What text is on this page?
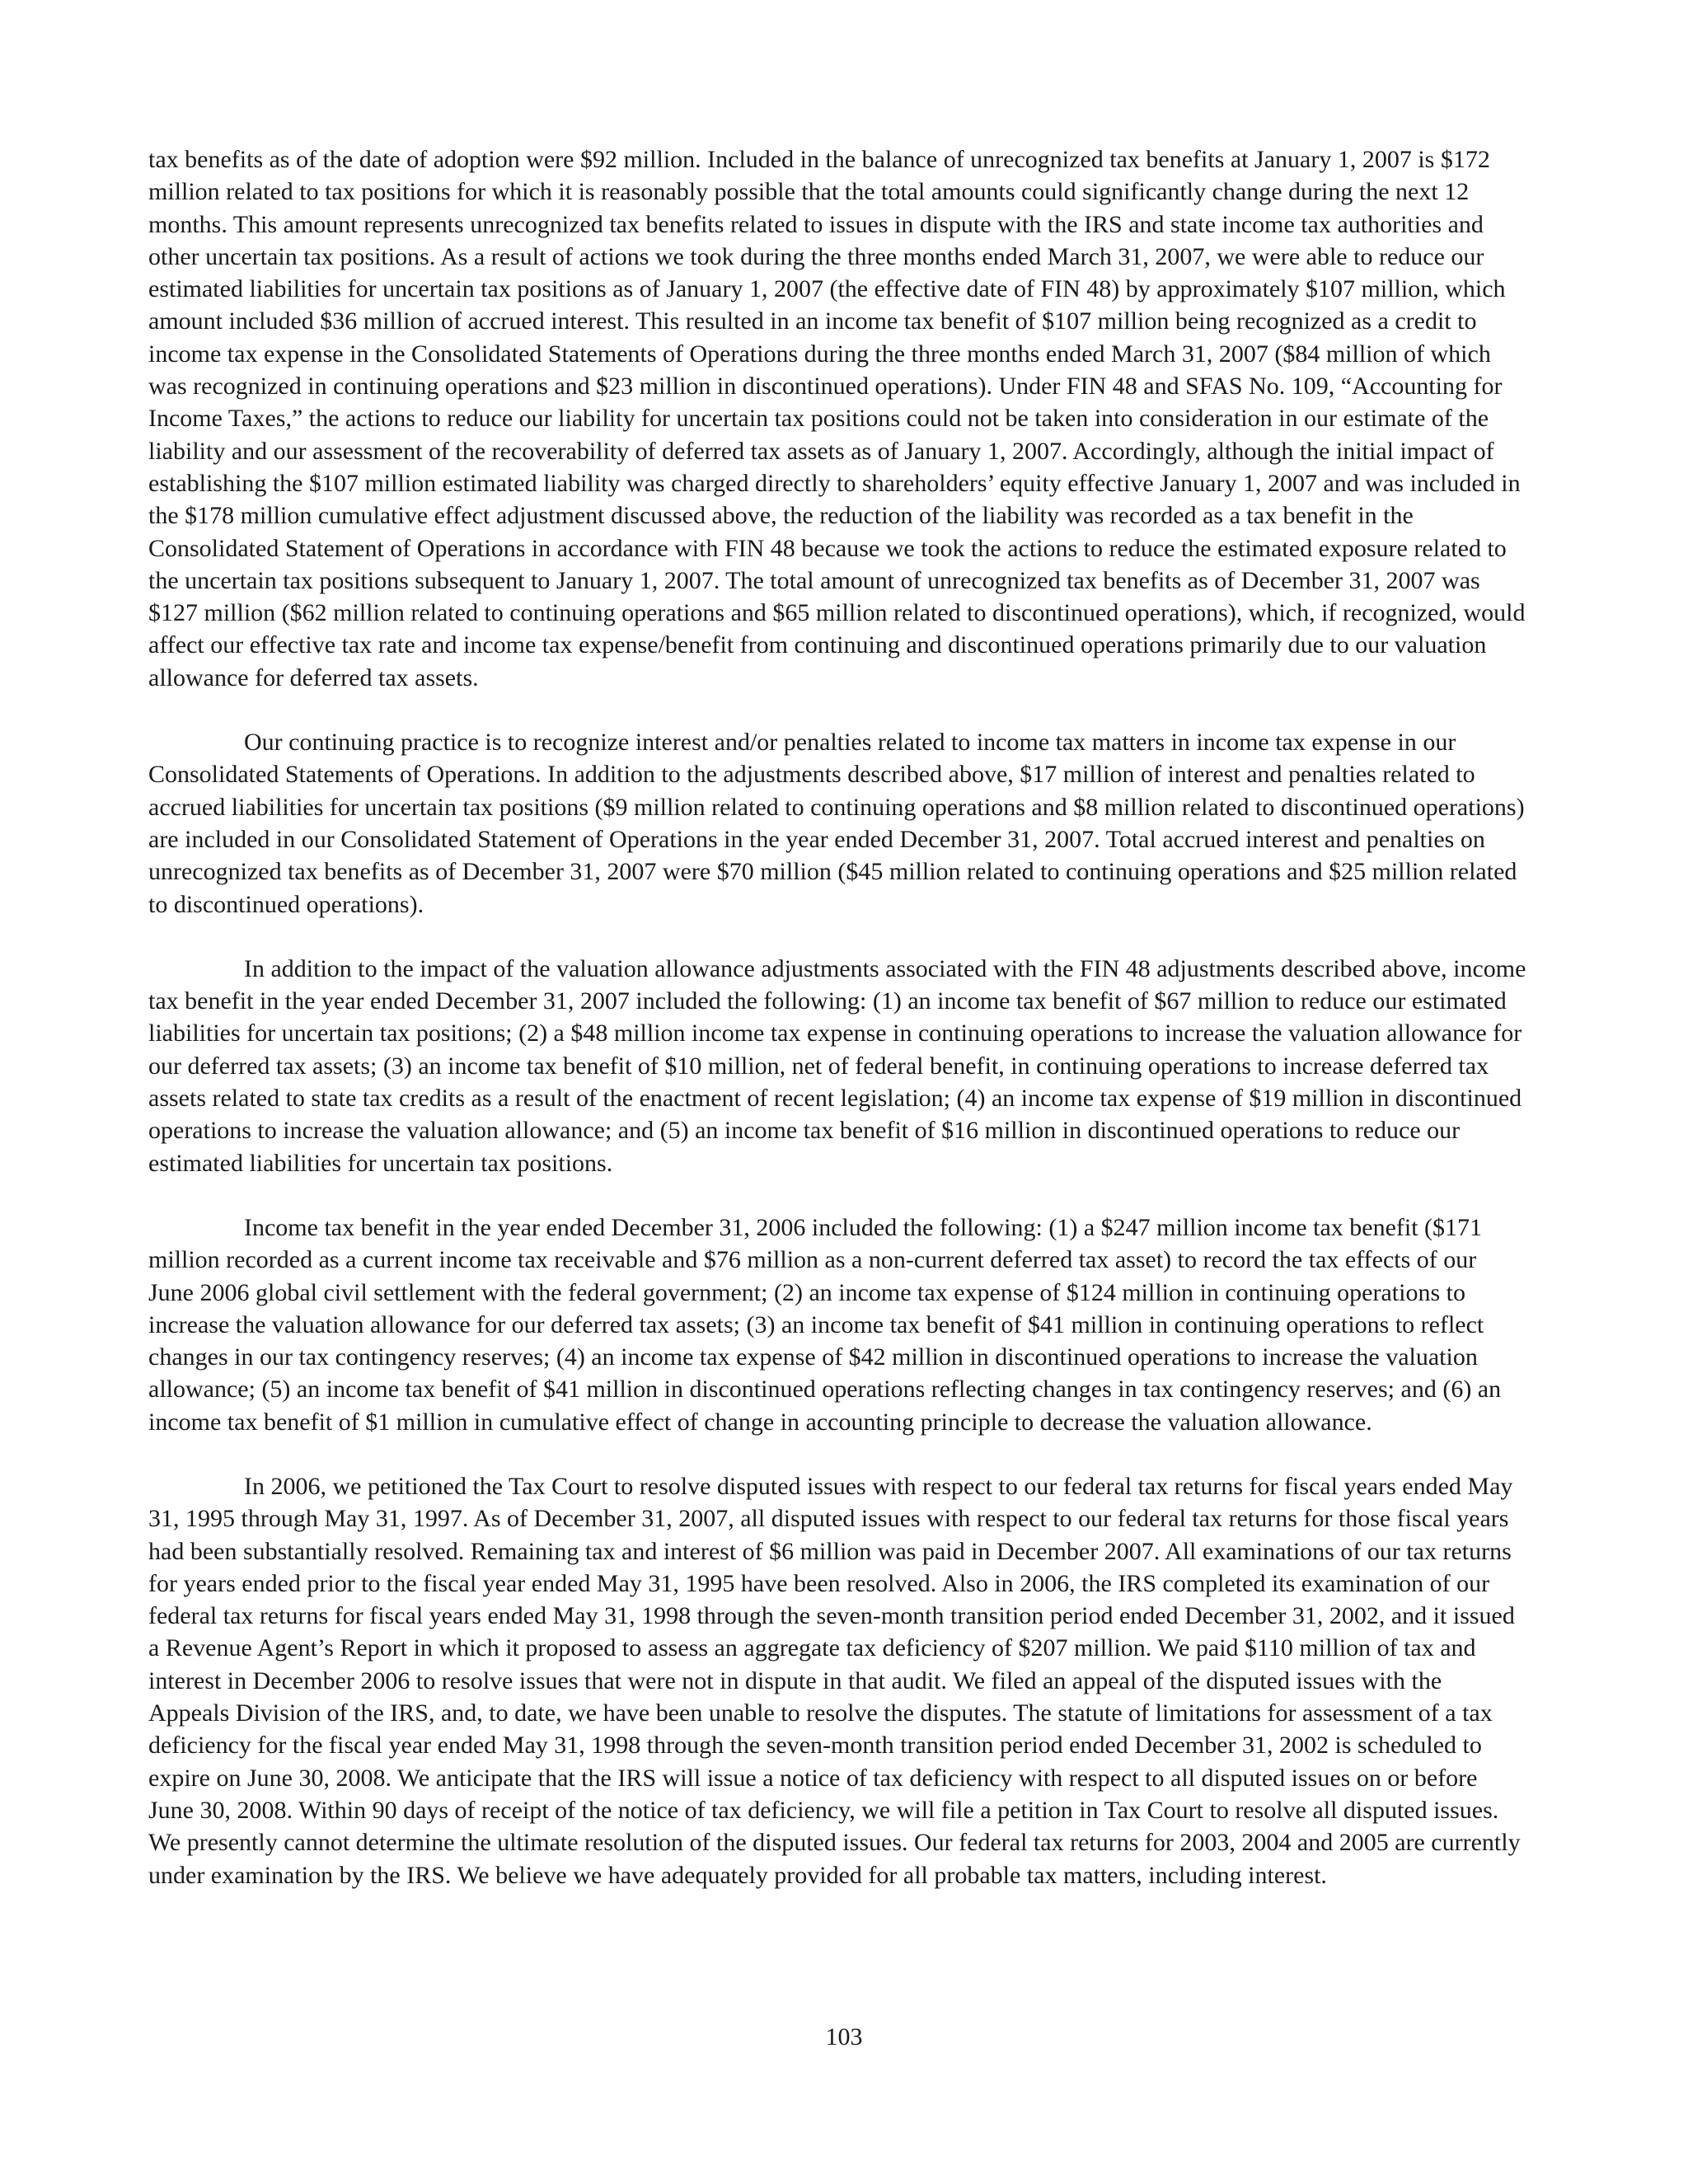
tax benefits as of the date of adoption were $92 million. Included in the balance of unrecognized tax benefits at January 1, 2007 is $172 million related to tax positions for which it is reasonably possible that the total amounts could significantly change during the next 12 months. This amount represents unrecognized tax benefits related to issues in dispute with the IRS and state income tax authorities and other uncertain tax positions. As a result of actions we took during the three months ended March 31, 2007, we were able to reduce our estimated liabilities for uncertain tax positions as of January 1, 2007 (the effective date of FIN 48) by approximately $107 million, which amount included $36 million of accrued interest. This resulted in an income tax benefit of $107 million being recognized as a credit to income tax expense in the Consolidated Statements of Operations during the three months ended March 31, 2007 ($84 million of which was recognized in continuing operations and $23 million in discontinued operations). Under FIN 48 and SFAS No. 109, “Accounting for Income Taxes,” the actions to reduce our liability for uncertain tax positions could not be taken into consideration in our estimate of the liability and our assessment of the recoverability of deferred tax assets as of January 1, 2007. Accordingly, although the initial impact of establishing the $107 million estimated liability was charged directly to shareholders’ equity effective January 1, 2007 and was included in the $178 million cumulative effect adjustment discussed above, the reduction of the liability was recorded as a tax benefit in the Consolidated Statement of Operations in accordance with FIN 48 because we took the actions to reduce the estimated exposure related to the uncertain tax positions subsequent to January 1, 2007. The total amount of unrecognized tax benefits as of December 31, 2007 was $127 million ($62 million related to continuing operations and $65 million related to discontinued operations), which, if recognized, would affect our effective tax rate and income tax expense/benefit from continuing and discontinued operations primarily due to our valuation allowance for deferred tax assets.

Our continuing practice is to recognize interest and/or penalties related to income tax matters in income tax expense in our Consolidated Statements of Operations. In addition to the adjustments described above, $17 million of interest and penalties related to accrued liabilities for uncertain tax positions ($9 million related to continuing operations and $8 million related to discontinued operations) are included in our Consolidated Statement of Operations in the year ended December 31, 2007. Total accrued interest and penalties on unrecognized tax benefits as of December 31, 2007 were $70 million ($45 million related to continuing operations and $25 million related to discontinued operations).

In addition to the impact of the valuation allowance adjustments associated with the FIN 48 adjustments described above, income tax benefit in the year ended December 31, 2007 included the following: (1) an income tax benefit of $67 million to reduce our estimated liabilities for uncertain tax positions; (2) a $48 million income tax expense in continuing operations to increase the valuation allowance for our deferred tax assets; (3) an income tax benefit of $10 million, net of federal benefit, in continuing operations to increase deferred tax assets related to state tax credits as a result of the enactment of recent legislation; (4) an income tax expense of $19 million in discontinued operations to increase the valuation allowance; and (5) an income tax benefit of $16 million in discontinued operations to reduce our estimated liabilities for uncertain tax positions.

Income tax benefit in the year ended December 31, 2006 included the following: (1) a $247 million income tax benefit ($171 million recorded as a current income tax receivable and $76 million as a non-current deferred tax asset) to record the tax effects of our June 2006 global civil settlement with the federal government; (2) an income tax expense of $124 million in continuing operations to increase the valuation allowance for our deferred tax assets; (3) an income tax benefit of $41 million in continuing operations to reflect changes in our tax contingency reserves; (4) an income tax expense of $42 million in discontinued operations to increase the valuation allowance; (5) an income tax benefit of $41 million in discontinued operations reflecting changes in tax contingency reserves; and (6) an income tax benefit of $1 million in cumulative effect of change in accounting principle to decrease the valuation allowance.

In 2006, we petitioned the Tax Court to resolve disputed issues with respect to our federal tax returns for fiscal years ended May 31, 1995 through May 31, 1997. As of December 31, 2007, all disputed issues with respect to our federal tax returns for those fiscal years had been substantially resolved. Remaining tax and interest of $6 million was paid in December 2007. All examinations of our tax returns for years ended prior to the fiscal year ended May 31, 1995 have been resolved. Also in 2006, the IRS completed its examination of our federal tax returns for fiscal years ended May 31, 1998 through the seven-month transition period ended December 31, 2002, and it issued a Revenue Agent’s Report in which it proposed to assess an aggregate tax deficiency of $207 million. We paid $110 million of tax and interest in December 2006 to resolve issues that were not in dispute in that audit. We filed an appeal of the disputed issues with the Appeals Division of the IRS, and, to date, we have been unable to resolve the disputes. The statute of limitations for assessment of a tax deficiency for the fiscal year ended May 31, 1998 through the seven-month transition period ended December 31, 2002 is scheduled to expire on June 30, 2008. We anticipate that the IRS will issue a notice of tax deficiency with respect to all disputed issues on or before June 30, 2008. Within 90 days of receipt of the notice of tax deficiency, we will file a petition in Tax Court to resolve all disputed issues. We presently cannot determine the ultimate resolution of the disputed issues. Our federal tax returns for 2003, 2004 and 2005 are currently under examination by the IRS. We believe we have adequately provided for all probable tax matters, including interest.

103
